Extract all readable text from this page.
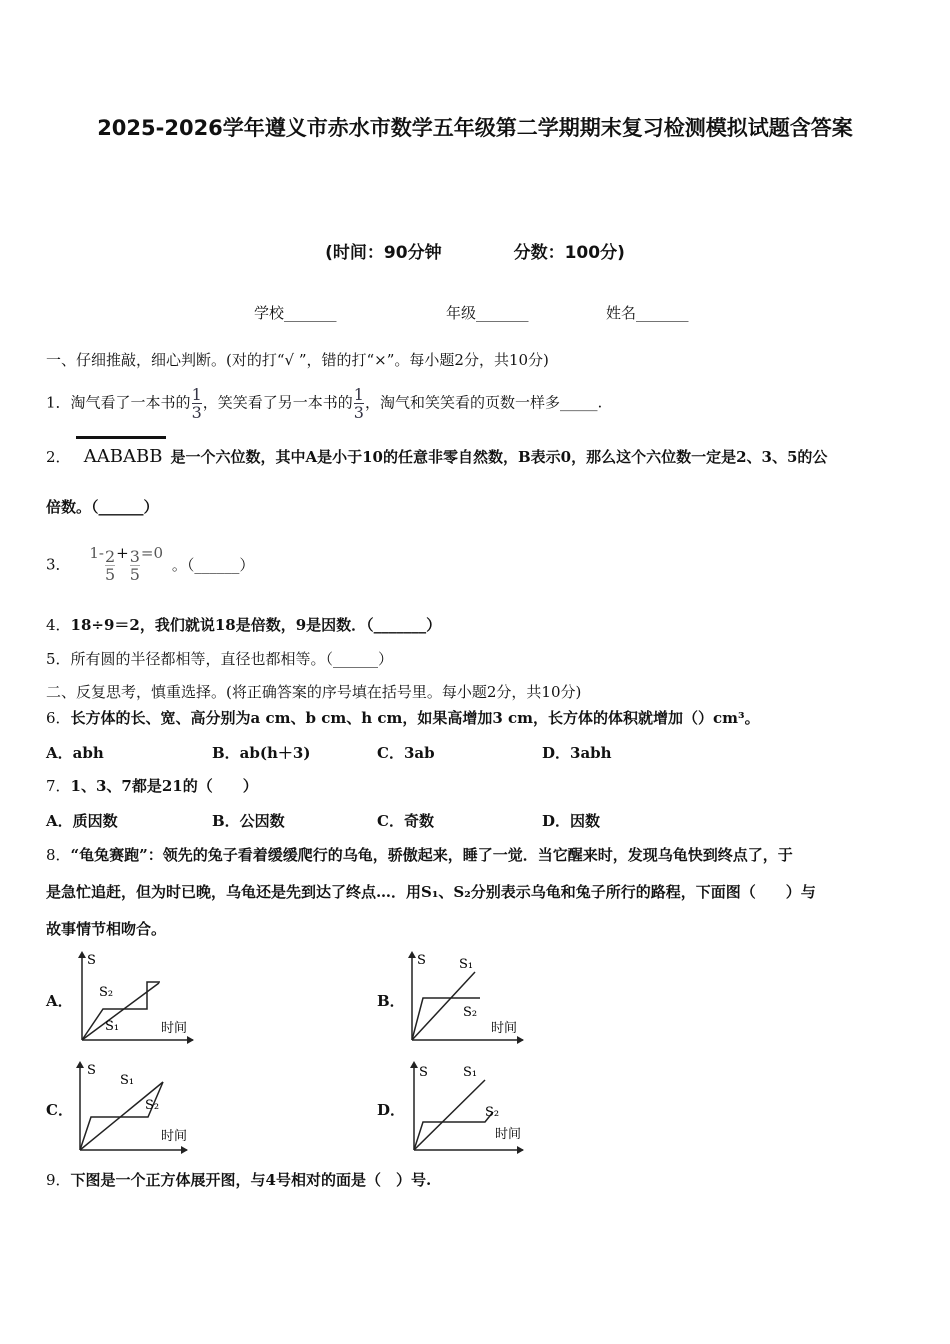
2025-2026学年遵义市赤水市数学五年级第二学期期末复习检测模拟试题含答案
(时间：90分钟	分数：100分)
学校_______	年级_______	姓名_______
一、仔细推敲，细心判断。(对的打“√ ”，错的打“×”。每小题2分，共10分)
1．淘气看了一本书的 $\frac{1}{3}$ ，笑笑看了另一本书的 $\frac{1}{3}$ ，淘气和笑笑看的页数一样多_____.
2． AABABB 是一个六位数，其中A是小于10的任意非零自然数，B表示0，那么这个六位数一定是2、3、5的公
倍数。（______）
3． $1- \frac{2}{5} + \frac{3}{5} =0$ 。（______）
4．18÷9＝2，我们就说18是倍数，9是因数．（_______）
5．所有圆的半径都相等，直径也都相等。（______）
二、反复思考，慎重选择。(将正确答案的序号填在括号里。每小题2分，共10分)
6．长方体的长、宽、高分别为a cm、b cm、h cm，如果高增加3 cm，长方体的体积就增加（）cm³。
A．abh	B．ab(h＋3)	C．3ab	D．3abh
7．1、3、7都是21的（　　）
A．质因数	B．公因数	C．奇数	D．因数
8．“龟兔赛跑”：领先的兔子看着缓缓爬行的乌龟，骄傲起来，睡了一觉．当它醒来时，发现乌龟快到终点了，于
是急忙追赶，但为时已晚，乌龟还是先到达了终点…．用S₁、S₂分别表示乌龟和兔子所行的路程，下面图（　　）与
故事情节相吻合。
A．
S
S₂
S₁	时间
B．
S	S₁
S₂
时间
C．
S
S₁
S₂
时间
D．
S	S₁
S₂
时间
9．下图是一个正方体展开图，与4号相对的面是（　）号.
